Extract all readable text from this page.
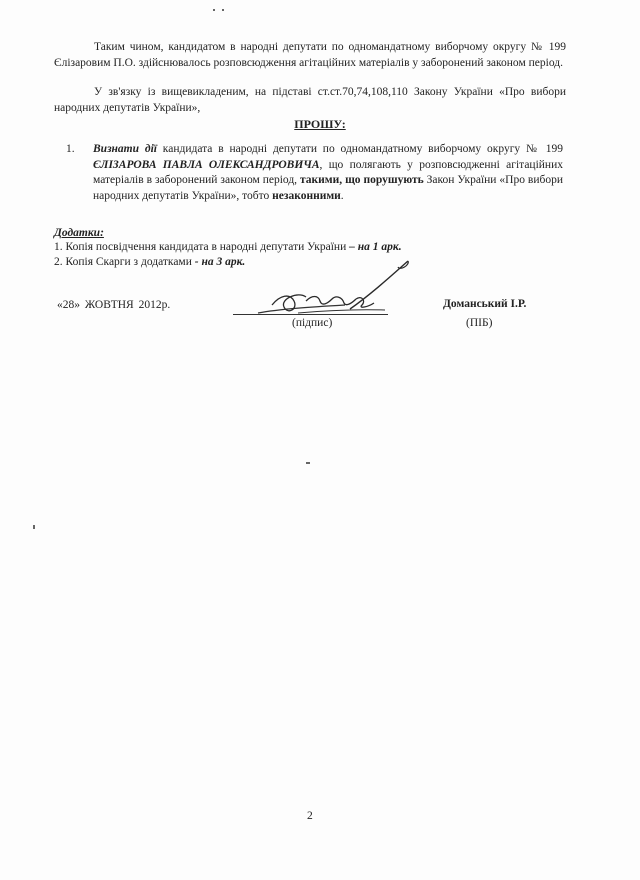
Таким чином, кандидатом в народні депутати по одномандатному виборчому округу № 199 Єлізаровим П.О. здійснювалось розповсюдження агітаційних матеріалів у заборонений законом період.
У зв'язку із вищевикладеним, на підставі ст.ст.70,74,108,110 Закону України «Про вибори народних депутатів України»,
ПРОШУ:
1. Визнати дії кандидата в народні депутати по одномандатному виборчому округу № 199 ЄЛІЗАРОВА ПАВЛА ОЛЕКСАНДРОВИЧА, що полягають у розповсюдженні агітаційних матеріалів в заборонений законом період, такими, що порушують Закон України «Про вибори народних депутатів України», тобто незаконними.
Додатки:
1. Копія посвідчення кандидата в народні депутати України – на 1 арк.
2. Копія Скарги з додатками - на 3 арк.
«28» ЖОВТНЯ 2012р.
(підпис)
Доманський І.Р.
(ПІБ)
2
